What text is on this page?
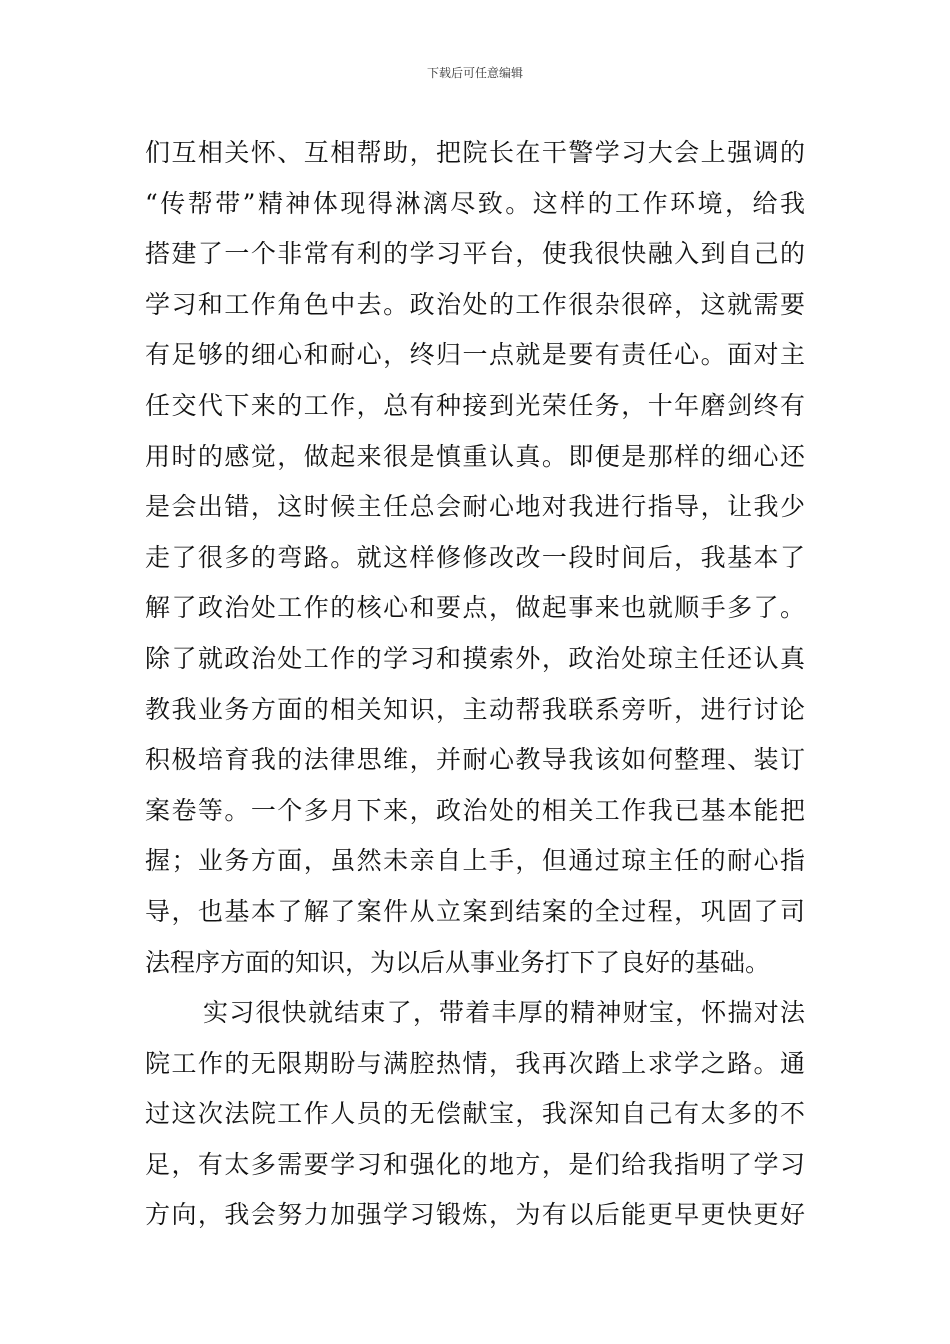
下载后可任意编辑
们互相关怀、互相帮助，把院长在干警学习大会上强调的
“传帮带”精神体现得淋漓尽致。这样的工作环境，给我
搭建了一个非常有利的学习平台，使我很快融入到自己的
学习和工作角色中去。政治处的工作很杂很碎，这就需要
有足够的细心和耐心，终归一点就是要有责任心。面对主
任交代下来的工作，总有种接到光荣任务，十年磨剑终有
用时的感觉，做起来很是慎重认真。即便是那样的细心还
是会出错，这时候主任总会耐心地对我进行指导，让我少
走了很多的弯路。就这样修修改改一段时间后，我基本了
解了政治处工作的核心和要点，做起事来也就顺手多了。
除了就政治处工作的学习和摸索外，政治处琼主任还认真
教我业务方面的相关知识，主动帮我联系旁听，进行讨论
积极培育我的法律思维，并耐心教导我该如何整理、装订
案卷等。一个多月下来，政治处的相关工作我已基本能把
握；业务方面，虽然未亲自上手，但通过琼主任的耐心指
导，也基本了解了案件从立案到结案的全过程，巩固了司
法程序方面的知识，为以后从事业务打下了良好的基础。
实习很快就结束了，带着丰厚的精神财宝，怀揣对法
院工作的无限期盼与满腔热情，我再次踏上求学之路。通
过这次法院工作人员的无偿献宝，我深知自己有太多的不
足，有太多需要学习和强化的地方，是们给我指明了学习
方向，我会努力加强学习锻炼，为有以后能更早更快更好
